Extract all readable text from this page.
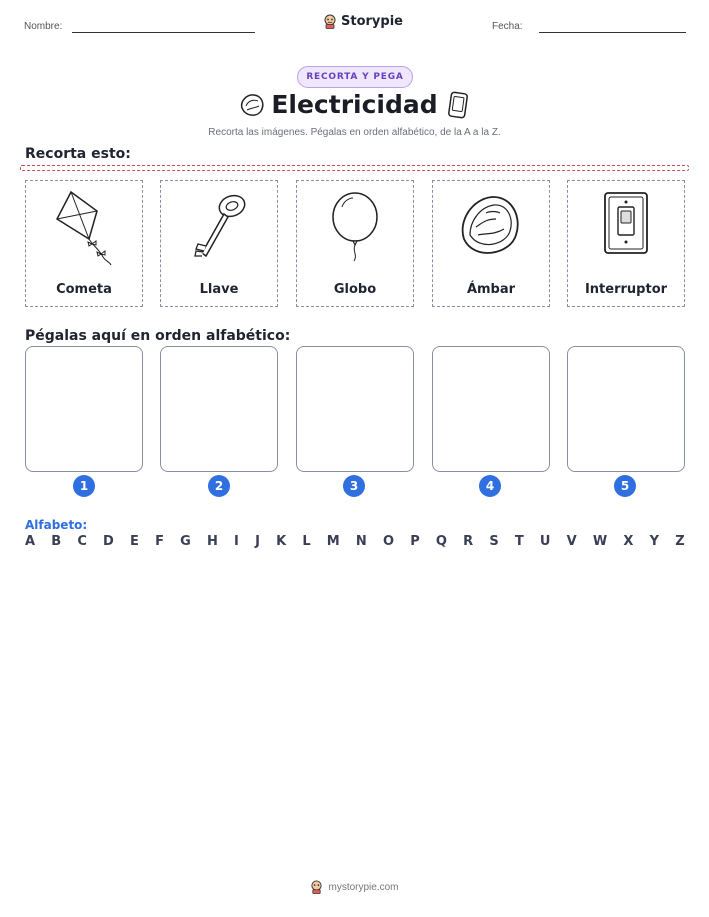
Nombre:	Storypie	Fecha:
RECORTA Y PEGA
Electricidad
Recorta las imágenes. Pégalas en orden alfabético, de la A a la Z.
Recorta esto:
Cometa	Llave	Globo	Ámbar	Interruptor
Pégalas aquí en orden alfabético:
1	2	3	4	5
Alfabeto:
A B C D E F G H I J K L M N O P Q R S T U V W X Y Z
mystorypie.com
